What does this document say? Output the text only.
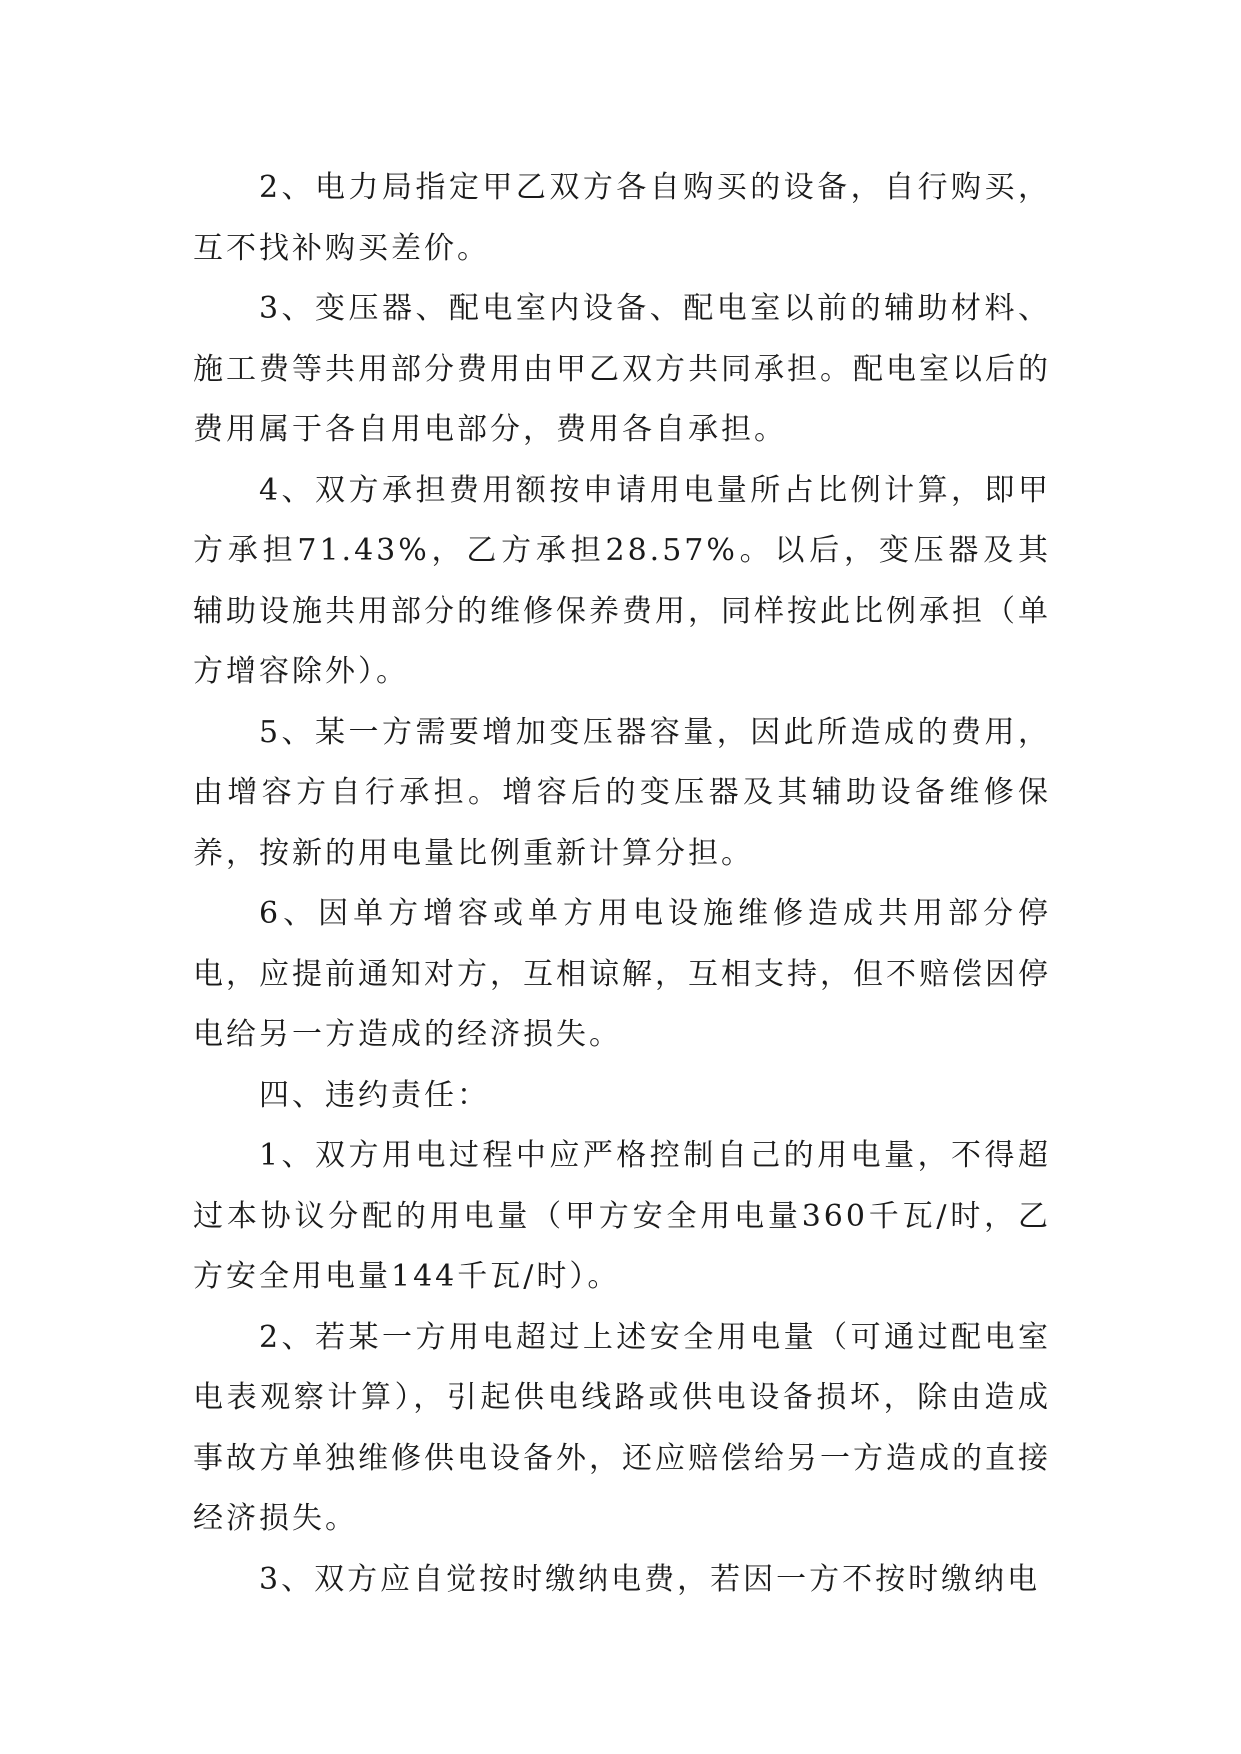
2、电力局指定甲乙双方各自购买的设备，自行购买，互不找补购买差价。

3、变压器、配电室内设备、配电室以前的辅助材料、施工费等共用部分费用由甲乙双方共同承担。配电室以后的费用属于各自用电部分，费用各自承担。

4、双方承担费用额按申请用电量所占比例计算，即甲方承担71.43%，乙方承担28.57%。以后，变压器及其辅助设施共用部分的维修保养费用，同样按此比例承担（单方增容除外）。

5、某一方需要增加变压器容量，因此所造成的费用，由增容方自行承担。增容后的变压器及其辅助设备维修保养，按新的用电量比例重新计算分担。

6、因单方增容或单方用电设施维修造成共用部分停电，应提前通知对方，互相谅解，互相支持，但不赔偿因停电给另一方造成的经济损失。

四、违约责任：

1、双方用电过程中应严格控制自己的用电量，不得超过本协议分配的用电量（甲方安全用电量360千瓦/时，乙方安全用电量144千瓦/时）。

2、若某一方用电超过上述安全用电量（可通过配电室电表观察计算），引起供电线路或供电设备损坏，除由造成事故方单独维修供电设备外，还应赔偿给另一方造成的直接经济损失。

3、双方应自觉按时缴纳电费，若因一方不按时缴纳电
